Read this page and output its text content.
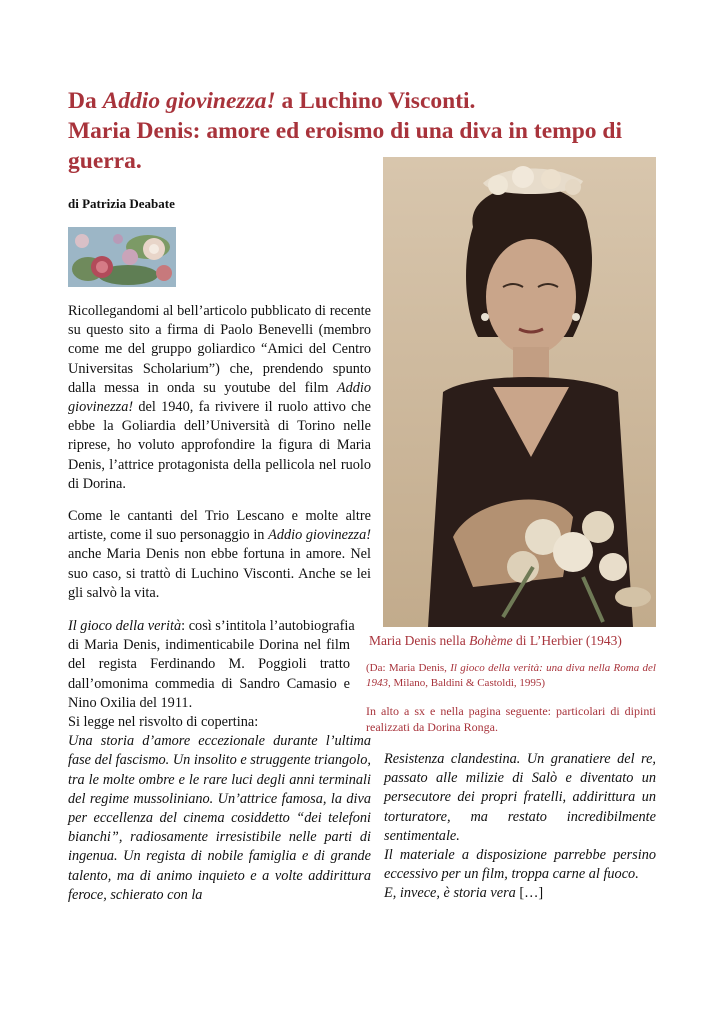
Da Addio giovinezza! a Luchino Visconti.
Maria Denis: amore ed eroismo di una diva in tempo di guerra.
di Patrizia Deabate
Ricollegandomi al bell’articolo pubblicato di recente su questo sito a firma di Paolo Benevelli (membro come me del gruppo goliardico “Amici del Centro Universitas Scholarium”) che, prendendo spunto dalla messa in onda su youtube del film Addio giovinezza! del 1940, fa rivivere il ruolo attivo che ebbe la Goliardia dell’Università di Torino nelle riprese, ho voluto approfondire la figura di Maria Denis, l’attrice protagonista della pellicola nel ruolo di Dorina.
Come le cantanti del Trio Lescano e molte altre artiste, come il suo personaggio in Addio giovinezza! anche Maria Denis non ebbe fortuna in amore. Nel suo caso, si trattò di Luchino Visconti. Anche se lei gli salvò la vita.
Il gioco della verità: così s’intitola l’autobiografia
di Maria Denis, indimenticabile Dorina nel film del regista Ferdinando M. Poggioli tratto dall’omonima commedia di Sandro Camasio e Nino Oxilia del 1911.
Si legge nel risvolto di copertina:
Una storia d’amore eccezionale durante l’ultima fase del fascismo. Un insolito e struggente triangolo, tra le molte ombre e le rare luci degli anni terminali del regime mussoliniano. Un’attrice famosa, la diva per eccellenza del cinema cosiddetto “dei telefoni bianchi”, radiosamente irresistibile nelle parti di ingenua. Un regista di nobile famiglia e di grande talento, ma di animo inquieto e a volte addirittura feroce, schierato con la
Maria Denis nella Bohème di L’Herbier (1943)
(Da: Maria Denis, Il gioco della verità: una diva nella Roma del 1943, Milano, Baldini & Castoldi, 1995)
In alto a sx e nella pagina seguente: particolari di dipinti realizzati da Dorina Ronga.

Resistenza clandestina. Un granatiere del re, passato alle milizie di Salò e diventato un persecutore dei propri fratelli, addirittura un torturatore, ma restato incredibilmente sentimentale.

Il materiale a disposizione parrebbe persino eccessivo per un film, troppa carne al fuoco.

E, invece, è storia vera […]
